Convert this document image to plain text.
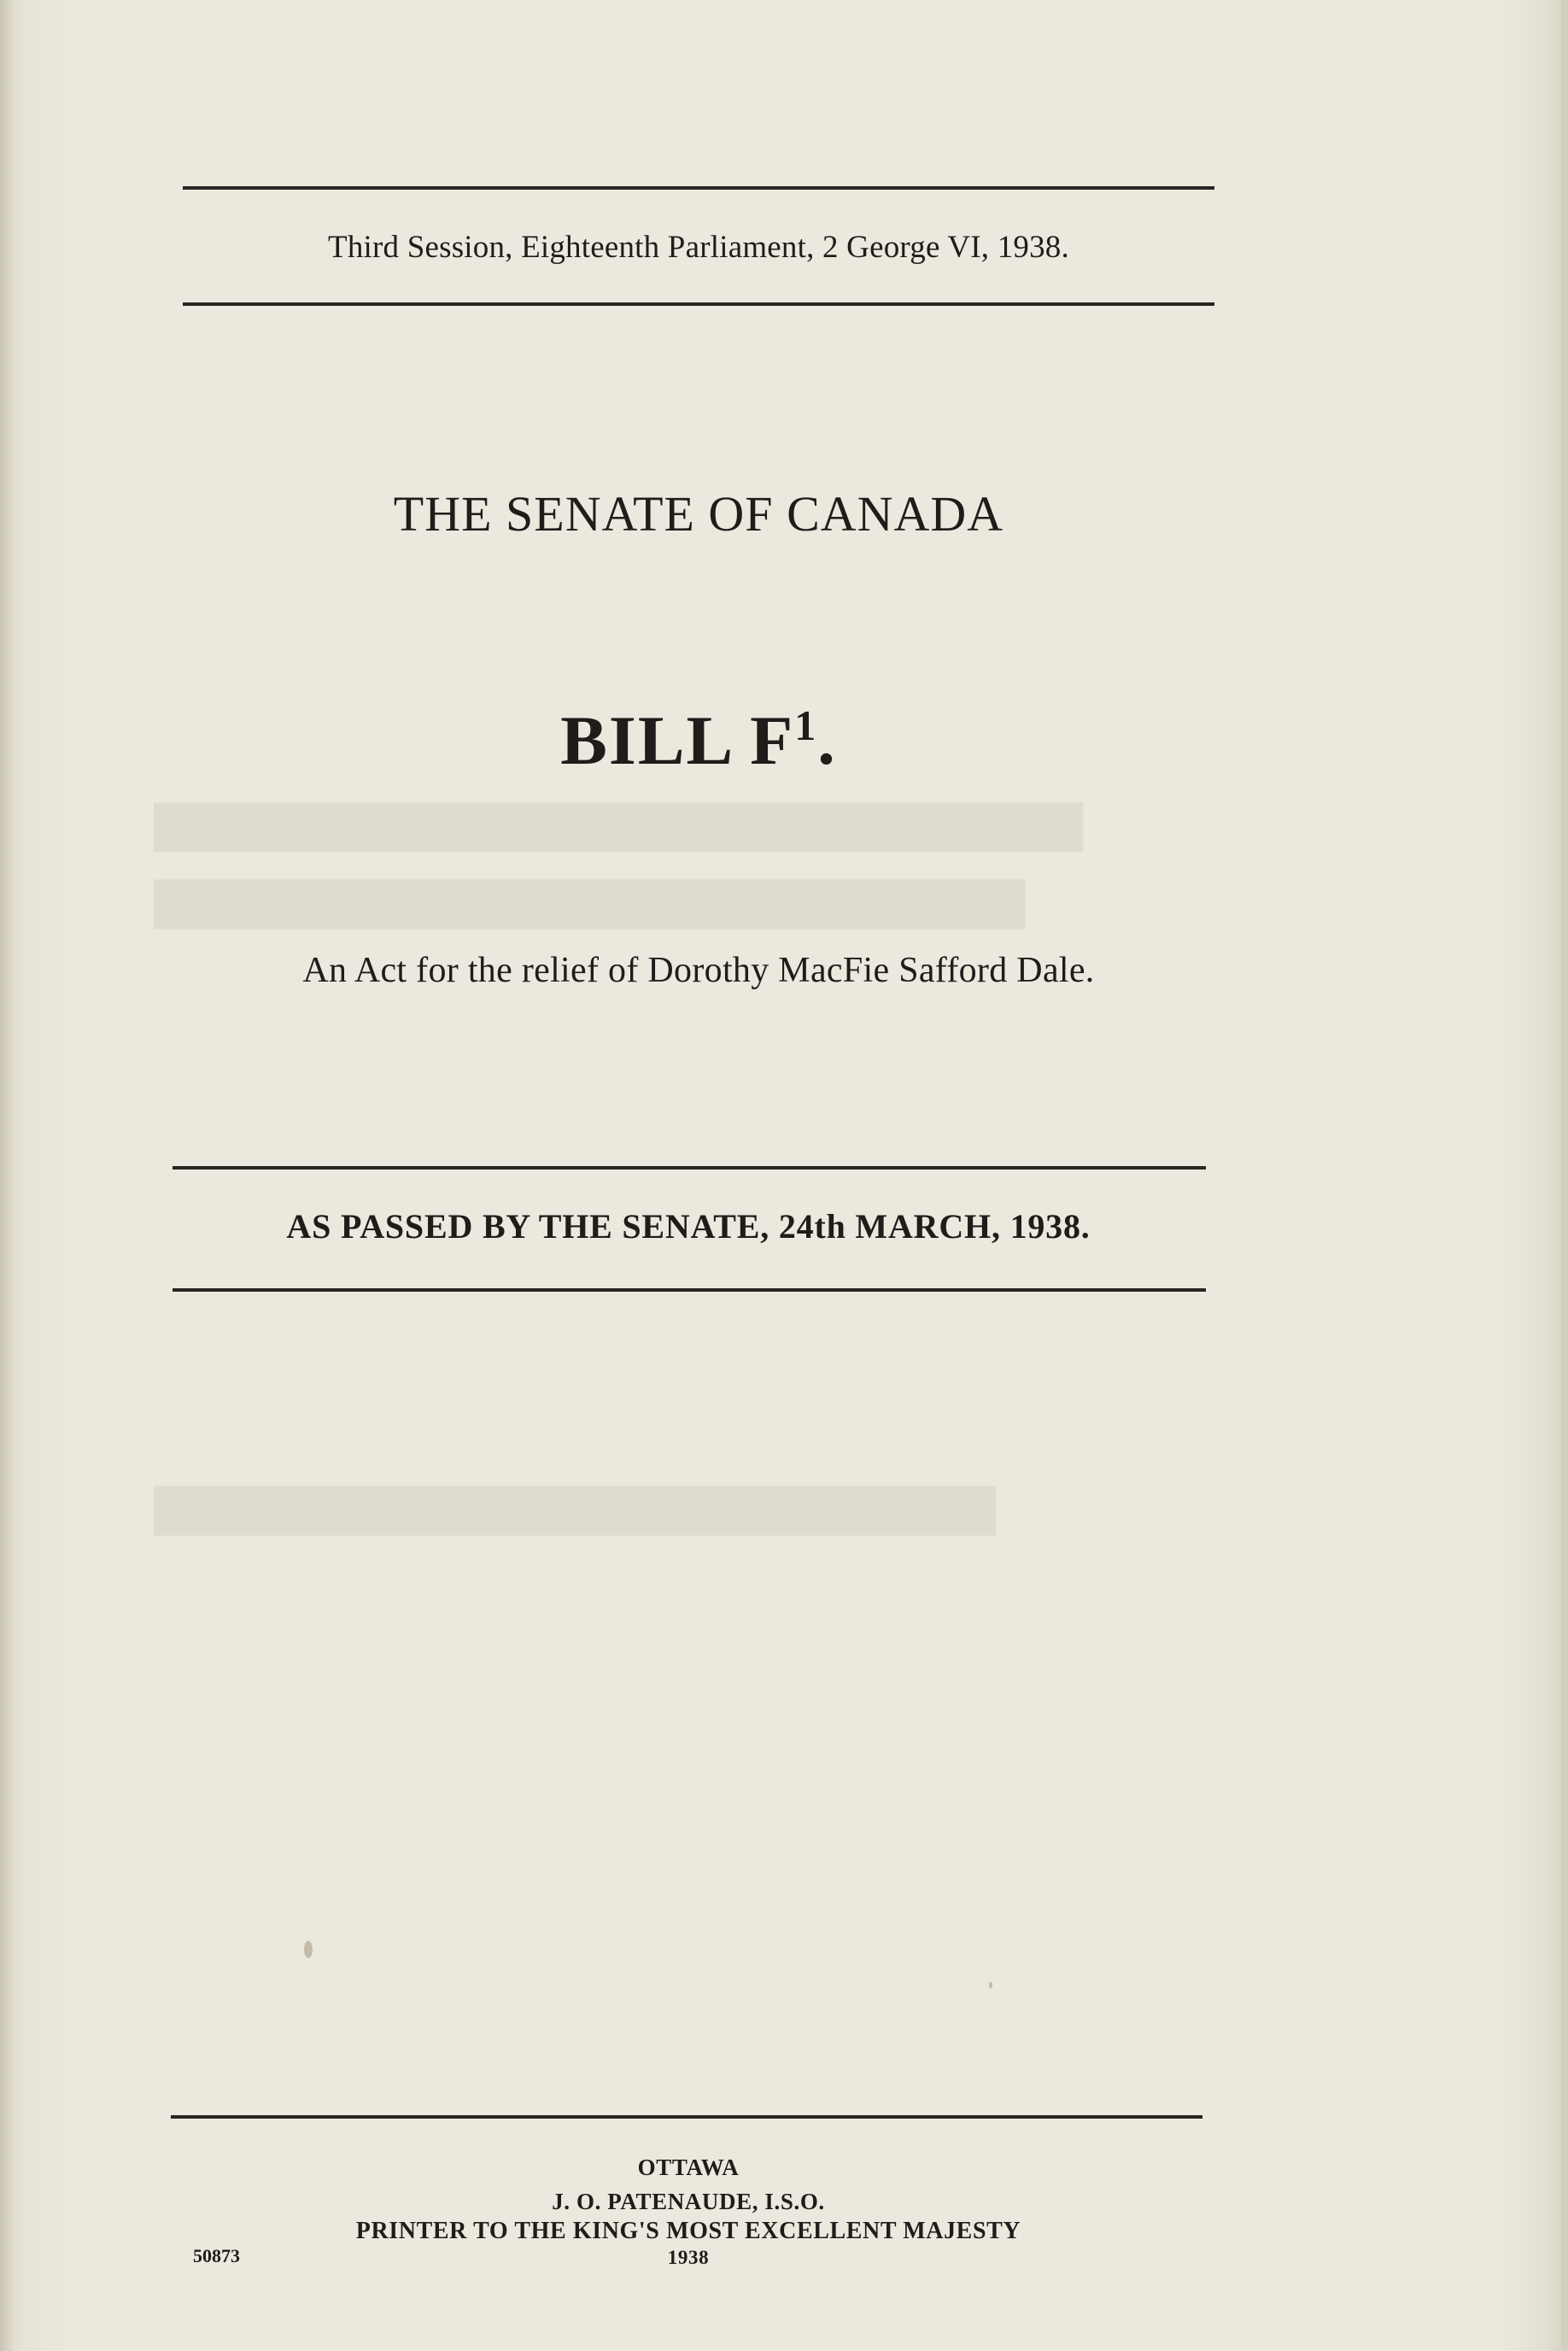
████████████████████████████████
██████████████████████████████
█████████████████████████████
Third Session, Eighteenth Parliament, 2 George VI, 1938.
THE SENATE OF CANADA
BILL $F^1$.
An Act for the relief of Dorothy MacFie Safford Dale.
AS PASSED BY THE SENATE, 24th MARCH, 1938.
OTTAWA
J. O. PATENAUDE, I.S.O.
PRINTER TO THE KING'S MOST EXCELLENT MAJESTY
1938
50873
